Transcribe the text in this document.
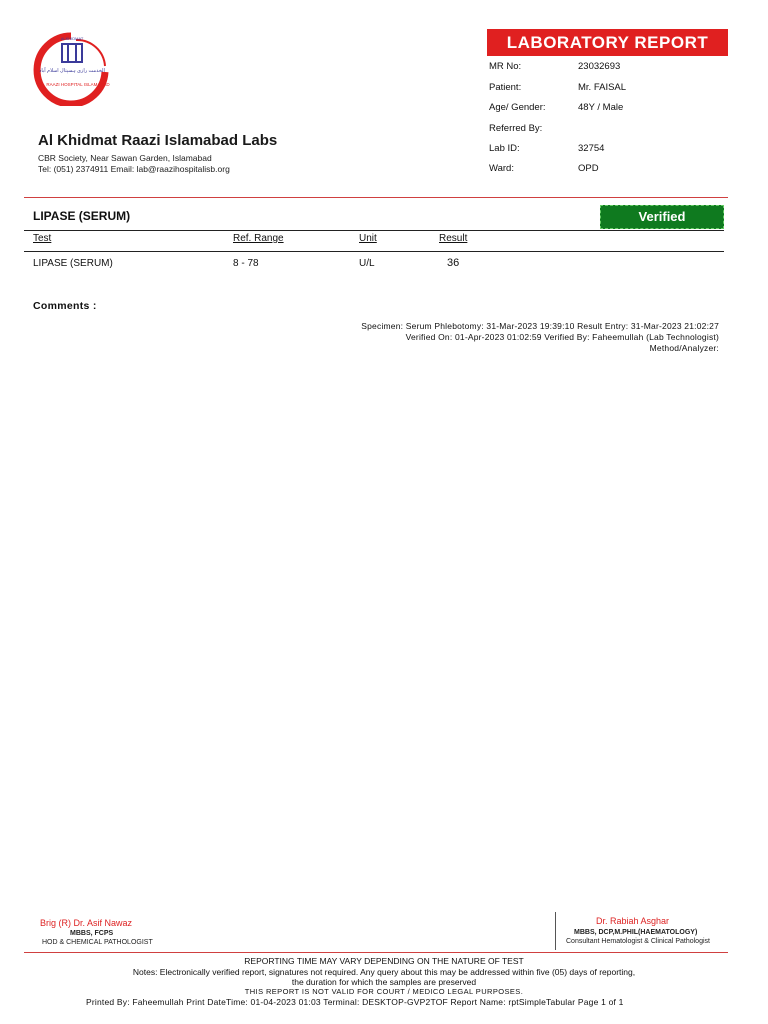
الخدمت رازی ہسپتال اسلام آباد
ALKHIDMAT
RAAZI HOSPITAL ISLAMABAD
Al Khidmat Raazi Islamabad Labs
CBR Society, Near Sawan Garden, Islamabad
Tel: (051) 2374911 Email: lab@raazihospitalisb.org
LABORATORY REPORT
MR No:	23032693
Patient:	Mr. FAISAL
Age/ Gender:	48Y / Male
Referred By:
Lab ID:	32754
Ward:	OPD
LIPASE (SERUM)	Verified
Test	Ref. Range	Unit	Result
LIPASE (SERUM)	8 - 78	U/L	36
Comments :
Specimen: Serum Phlebotomy: 31-Mar-2023 19:39:10 Result Entry: 31-Mar-2023 21:02:27
Verified On: 01-Apr-2023 01:02:59 Verified By: Faheemullah (Lab Technologist)
Method/Analyzer:
Brig (R) Dr. Asif Nawaz
MBBS, FCPS
HOD & CHEMICAL PATHOLOGIST
Dr. Rabiah Asghar
MBBS, DCP,M.PHIL(HAEMATOLOGY)
Consultant Hematologist & Clinical Pathologist
REPORTING TIME MAY VARY DEPENDING ON THE NATURE OF TEST
Notes: Electronically verified report, signatures not required. Any query about this may be addressed within five (05) days of reporting,
the duration for which the samples are preserved
THIS REPORT IS NOT VALID FOR COURT / MEDICO LEGAL PURPOSES.
Printed By: Faheemullah Print DateTime: 01-04-2023 01:03 Terminal: DESKTOP-GVP2TOF Report Name: rptSimpleTabular Page 1 of 1
